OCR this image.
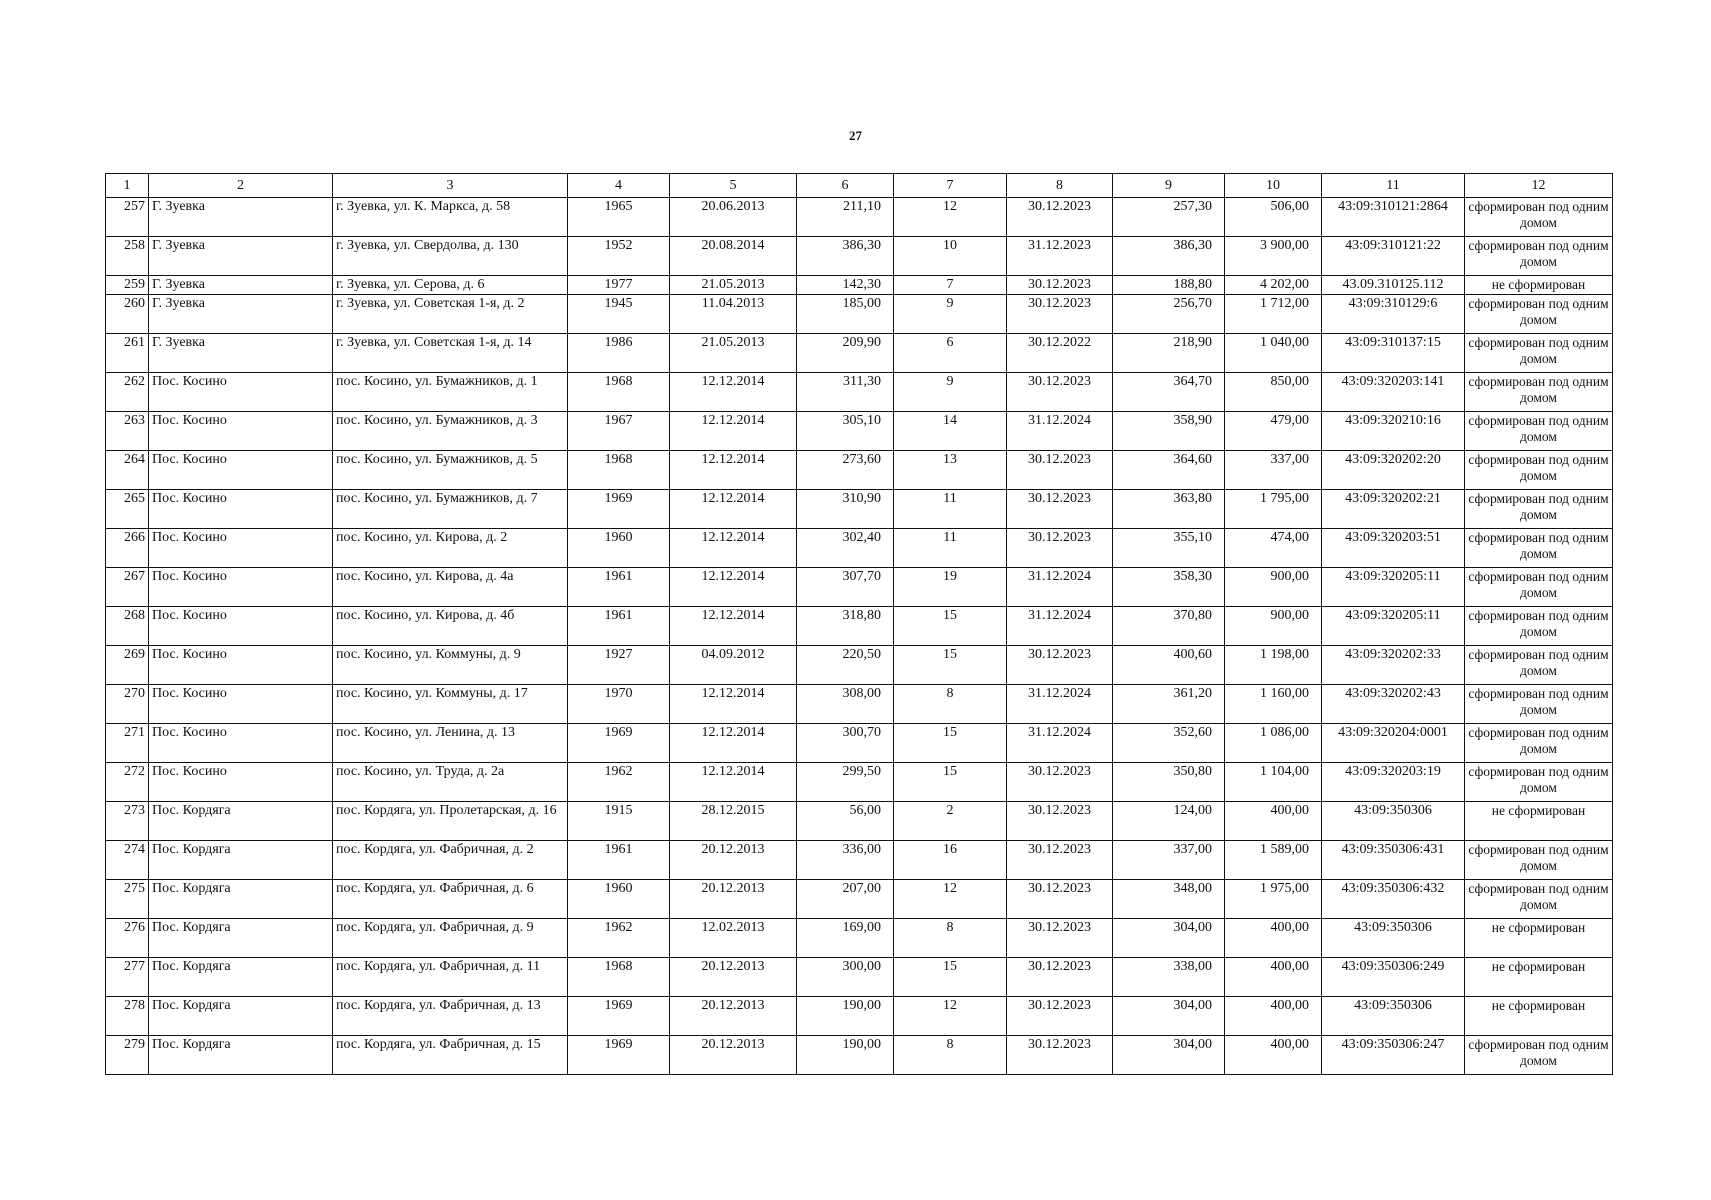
27
1	2	3	4	5	6	7	8	9	10	11	12
257	Г. Зуевка	г. Зуевка, ул. К. Маркса, д. 58	1965	20.06.2013	211,10	12	30.12.2023	257,30	506,00	43:09:310121:2864	сформирован под одним домом
258	Г. Зуевка	г. Зуевка, ул. Свердолва, д. 130	1952	20.08.2014	386,30	10	31.12.2023	386,30	3 900,00	43:09:310121:22	сформирован под одним домом
259	Г. Зуевка	г. Зуевка, ул. Серова, д. 6	1977	21.05.2013	142,30	7	30.12.2023	188,80	4 202,00	43.09.310125.112	не сформирован
260	Г. Зуевка	г. Зуевка, ул. Советская 1-я, д. 2	1945	11.04.2013	185,00	9	30.12.2023	256,70	1 712,00	43:09:310129:6	сформирован под одним домом
261	Г. Зуевка	г. Зуевка, ул. Советская 1-я, д. 14	1986	21.05.2013	209,90	6	30.12.2022	218,90	1 040,00	43:09:310137:15	сформирован под одним домом
262	Пос. Косино	пос. Косино, ул. Бумажников, д. 1	1968	12.12.2014	311,30	9	30.12.2023	364,70	850,00	43:09:320203:141	сформирован под одним домом
263	Пос. Косино	пос. Косино, ул. Бумажников, д. 3	1967	12.12.2014	305,10	14	31.12.2024	358,90	479,00	43:09:320210:16	сформирован под одним домом
264	Пос. Косино	пос. Косино, ул. Бумажников, д. 5	1968	12.12.2014	273,60	13	30.12.2023	364,60	337,00	43:09:320202:20	сформирован под одним домом
265	Пос. Косино	пос. Косино, ул. Бумажников, д. 7	1969	12.12.2014	310,90	11	30.12.2023	363,80	1 795,00	43:09:320202:21	сформирован под одним домом
266	Пос. Косино	пос. Косино, ул. Кирова, д. 2	1960	12.12.2014	302,40	11	30.12.2023	355,10	474,00	43:09:320203:51	сформирован под одним домом
267	Пос. Косино	пос. Косино, ул. Кирова, д. 4а	1961	12.12.2014	307,70	19	31.12.2024	358,30	900,00	43:09:320205:11	сформирован под одним домом
268	Пос. Косино	пос. Косино, ул. Кирова, д. 4б	1961	12.12.2014	318,80	15	31.12.2024	370,80	900,00	43:09:320205:11	сформирован под одним домом
269	Пос. Косино	пос. Косино, ул. Коммуны, д. 9	1927	04.09.2012	220,50	15	30.12.2023	400,60	1 198,00	43:09:320202:33	сформирован под одним домом
270	Пос. Косино	пос. Косино, ул. Коммуны, д. 17	1970	12.12.2014	308,00	8	31.12.2024	361,20	1 160,00	43:09:320202:43	сформирован под одним домом
271	Пос. Косино	пос. Косино, ул. Ленина, д. 13	1969	12.12.2014	300,70	15	31.12.2024	352,60	1 086,00	43:09:320204:0001	сформирован под одним домом
272	Пос. Косино	пос. Косино, ул. Труда, д. 2а	1962	12.12.2014	299,50	15	30.12.2023	350,80	1 104,00	43:09:320203:19	сформирован под одним домом
273	Пос. Кордяга	пос. Кордяга, ул. Пролетарская, д. 16	1915	28.12.2015	56,00	2	30.12.2023	124,00	400,00	43:09:350306	не сформирован
274	Пос. Кордяга	пос. Кордяга, ул. Фабричная, д. 2	1961	20.12.2013	336,00	16	30.12.2023	337,00	1 589,00	43:09:350306:431	сформирован под одним домом
275	Пос. Кордяга	пос. Кордяга, ул. Фабричная, д. 6	1960	20.12.2013	207,00	12	30.12.2023	348,00	1 975,00	43:09:350306:432	сформирован под одним домом
276	Пос. Кордяга	пос. Кордяга, ул. Фабричная, д. 9	1962	12.02.2013	169,00	8	30.12.2023	304,00	400,00	43:09:350306	не сформирован
277	Пос. Кордяга	пос. Кордяга, ул. Фабричная, д. 11	1968	20.12.2013	300,00	15	30.12.2023	338,00	400,00	43:09:350306:249	не сформирован
278	Пос. Кордяга	пос. Кордяга, ул. Фабричная, д. 13	1969	20.12.2013	190,00	12	30.12.2023	304,00	400,00	43:09:350306	не сформирован
279	Пос. Кордяга	пос. Кордяга, ул. Фабричная, д. 15	1969	20.12.2013	190,00	8	30.12.2023	304,00	400,00	43:09:350306:247	сформирован под одним домом
